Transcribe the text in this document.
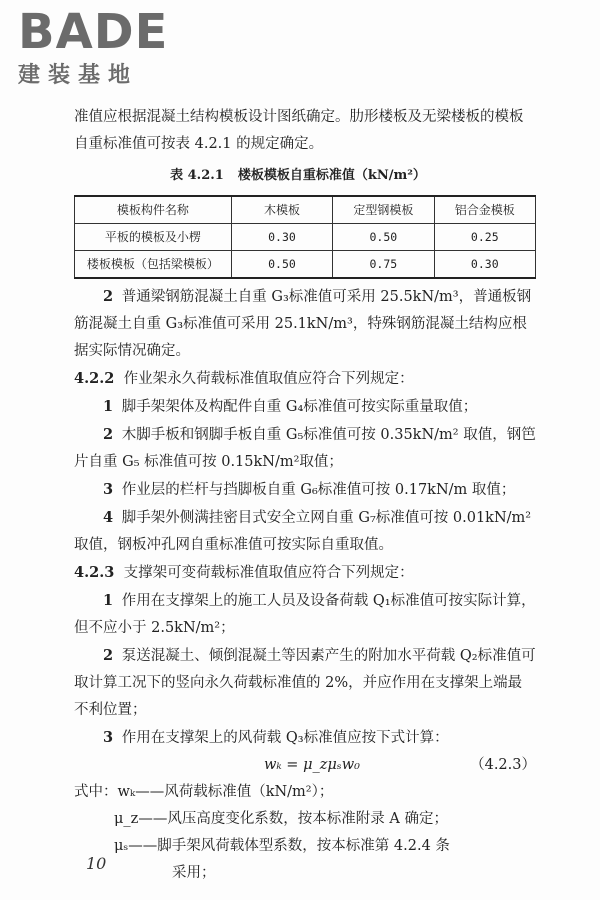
BADE
建装基地

准值应根据混凝土结构模板设计图纸确定。肋形楼板及无梁楼板的模板自重标准值可按表 4.2.1 的规定确定。

表 4.2.1 楼板模板自重标准值（kN/m²）
模板构件名称	木模板	定型钢模板	铝合金模板
平板的模板及小楞	0.30	0.50	0.25
楼板模板（包括梁模板）	0.50	0.75	0.30

2 普通梁钢筋混凝土自重 G₃标准值可采用 25.5kN/m³，普通板钢筋混凝土自重 G₃标准值可采用 25.1kN/m³，特殊钢筋混凝土结构应根据实际情况确定。

4.2.2 作业架永久荷载标准值取值应符合下列规定：

1 脚手架架体及构配件自重 G₄标准值可按实际重量取值；

2 木脚手板和钢脚手板自重 G₅标准值可按 0.35kN/m² 取值，钢笆片自重 G₅ 标准值可按 0.15kN/m²取值；

3 作业层的栏杆与挡脚板自重 G₆标准值可按 0.17kN/m 取值；

4 脚手架外侧满挂密目式安全立网自重 G₇标准值可按 0.01kN/m²取值，钢板冲孔网自重标准值可按实际自重取值。

4.2.3 支撑架可变荷载标准值取值应符合下列规定：

1 作用在支撑架上的施工人员及设备荷载 Q₁标准值可按实际计算，但不应小于 2.5kN/m²；

2 泵送混凝土、倾倒混凝土等因素产生的附加水平荷载 Q₂标准值可取计算工况下的竖向永久荷载标准值的 2%，并应作用在支撑架上端最不利位置；

3 作用在支撑架上的风荷载 Q₃标准值应按下式计算：

wₖ = μ_zμₛw₀	（4.2.3）

式中：wₖ——风荷载标准值（kN/m²）；

μ_z——风压高度变化系数，按本标准附录 A 确定；

μₛ——脚手架风荷载体型系数，按本标准第 4.2.4 条

采用；

10
